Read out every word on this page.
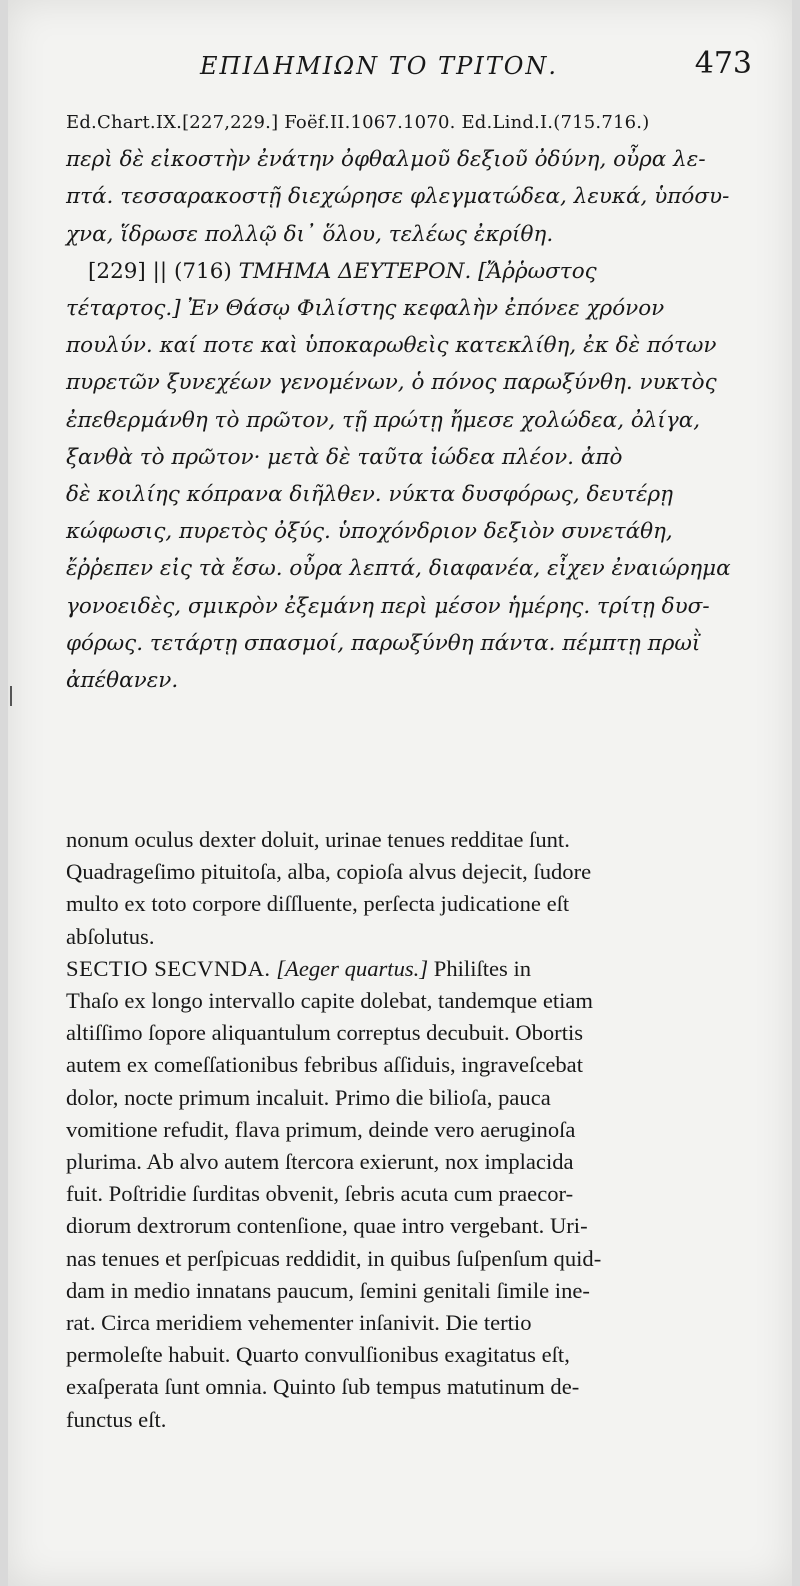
ΕΠΙΔΗΜΙΩΝ ΤΟ ΤΡΙΤΟΝ.	473

Ed.Chart.IX.[227,229.] Foëf.II.1067.1070. Ed.Lind.I.(715.716.)

περὶ δὲ εἰκοστὴν ἐνάτην ὀφθαλμοῦ δεξιοῦ ὀδύνη, οὖρα λε-

πτά. τεσσαρακοστῇ διεχώρησε φλεγματώδεα, λευκά, ὑπόσυ-

χνα, ἵδρωσε πολλῷ δι᾽ ὅλου, τελέως ἐκρίθη.

[229] || (716) ΤΜΗΜΑ ΔΕΥΤΕΡΟΝ. [Ἄῤῥωστος

τέταρτος.] Ἐν Θάσῳ Φιλίστης κεφαλὴν ἐπόνεε χρόνον

πουλύν. καί ποτε καὶ ὑποκαρωθεὶς κατεκλίθη, ἐκ δὲ πότων

πυρετῶν ξυνεχέων γενομένων, ὁ πόνος παρωξύνθη. νυκτὸς

ἐπεθερμάνθη τὸ πρῶτον, τῇ πρώτῃ ἤμεσε χολώδεα, ὀλίγα,

ξανθὰ τὸ πρῶτον· μετὰ δὲ ταῦτα ἰώδεα πλέον. ἀπὸ

δὲ κοιλίης κόπρανα διῆλθεν. νύκτα δυσφόρως, δευτέρῃ

κώφωσις, πυρετὸς ὀξύς. ὑποχόνδριον δεξιὸν συνετάθη,

ἔῤῥεπεν εἰς τὰ ἔσω. οὖρα λεπτά, διαφανέα, εἶχεν ἐναιώρημα

γονοειδὲς, σμικρὸν ἐξεμάνη περὶ μέσον ἡμέρης. τρίτῃ δυσ-

φόρως. τετάρτῃ σπασμοί, παρωξύνθη πάντα. πέμπτῃ πρωῒ

ἀπέθανεν.

nonum oculus dexter doluit, urinae tenues redditae ſunt.

Quadrageſimo pituitoſa, alba, copioſa alvus dejecit, ſudore

multo ex toto corpore diſſluente, perſecta judicatione eſt

abſolutus.

SECTIO SECVNDA. [Aeger quartus.] Philiſtes in

Thaſo ex longo intervallo capite dolebat, tandemque etiam

altiſſimo ſopore aliquantulum correptus decubuit. Obortis

autem ex comeſſationibus febribus aſſiduis, ingraveſcebat

dolor, nocte primum incaluit. Primo die bilioſa, pauca

vomitione refudit, flava primum, deinde vero aeruginoſa

plurima. Ab alvo autem ſtercora exierunt, nox implacida

fuit. Poſtridie ſurditas obvenit, ſebris acuta cum praecor-

diorum dextrorum contenſione, quae intro vergebant. Uri-

nas tenues et perſpicuas reddidit, in quibus ſuſpenſum quid-

dam in medio innatans paucum, ſemini genitali ſimile ine-

rat. Circa meridiem vehementer inſanivit. Die tertio

permoleſte habuit. Quarto convulſionibus exagitatus eſt,

exaſperata ſunt omnia. Quinto ſub tempus matutinum de-

functus eſt.
